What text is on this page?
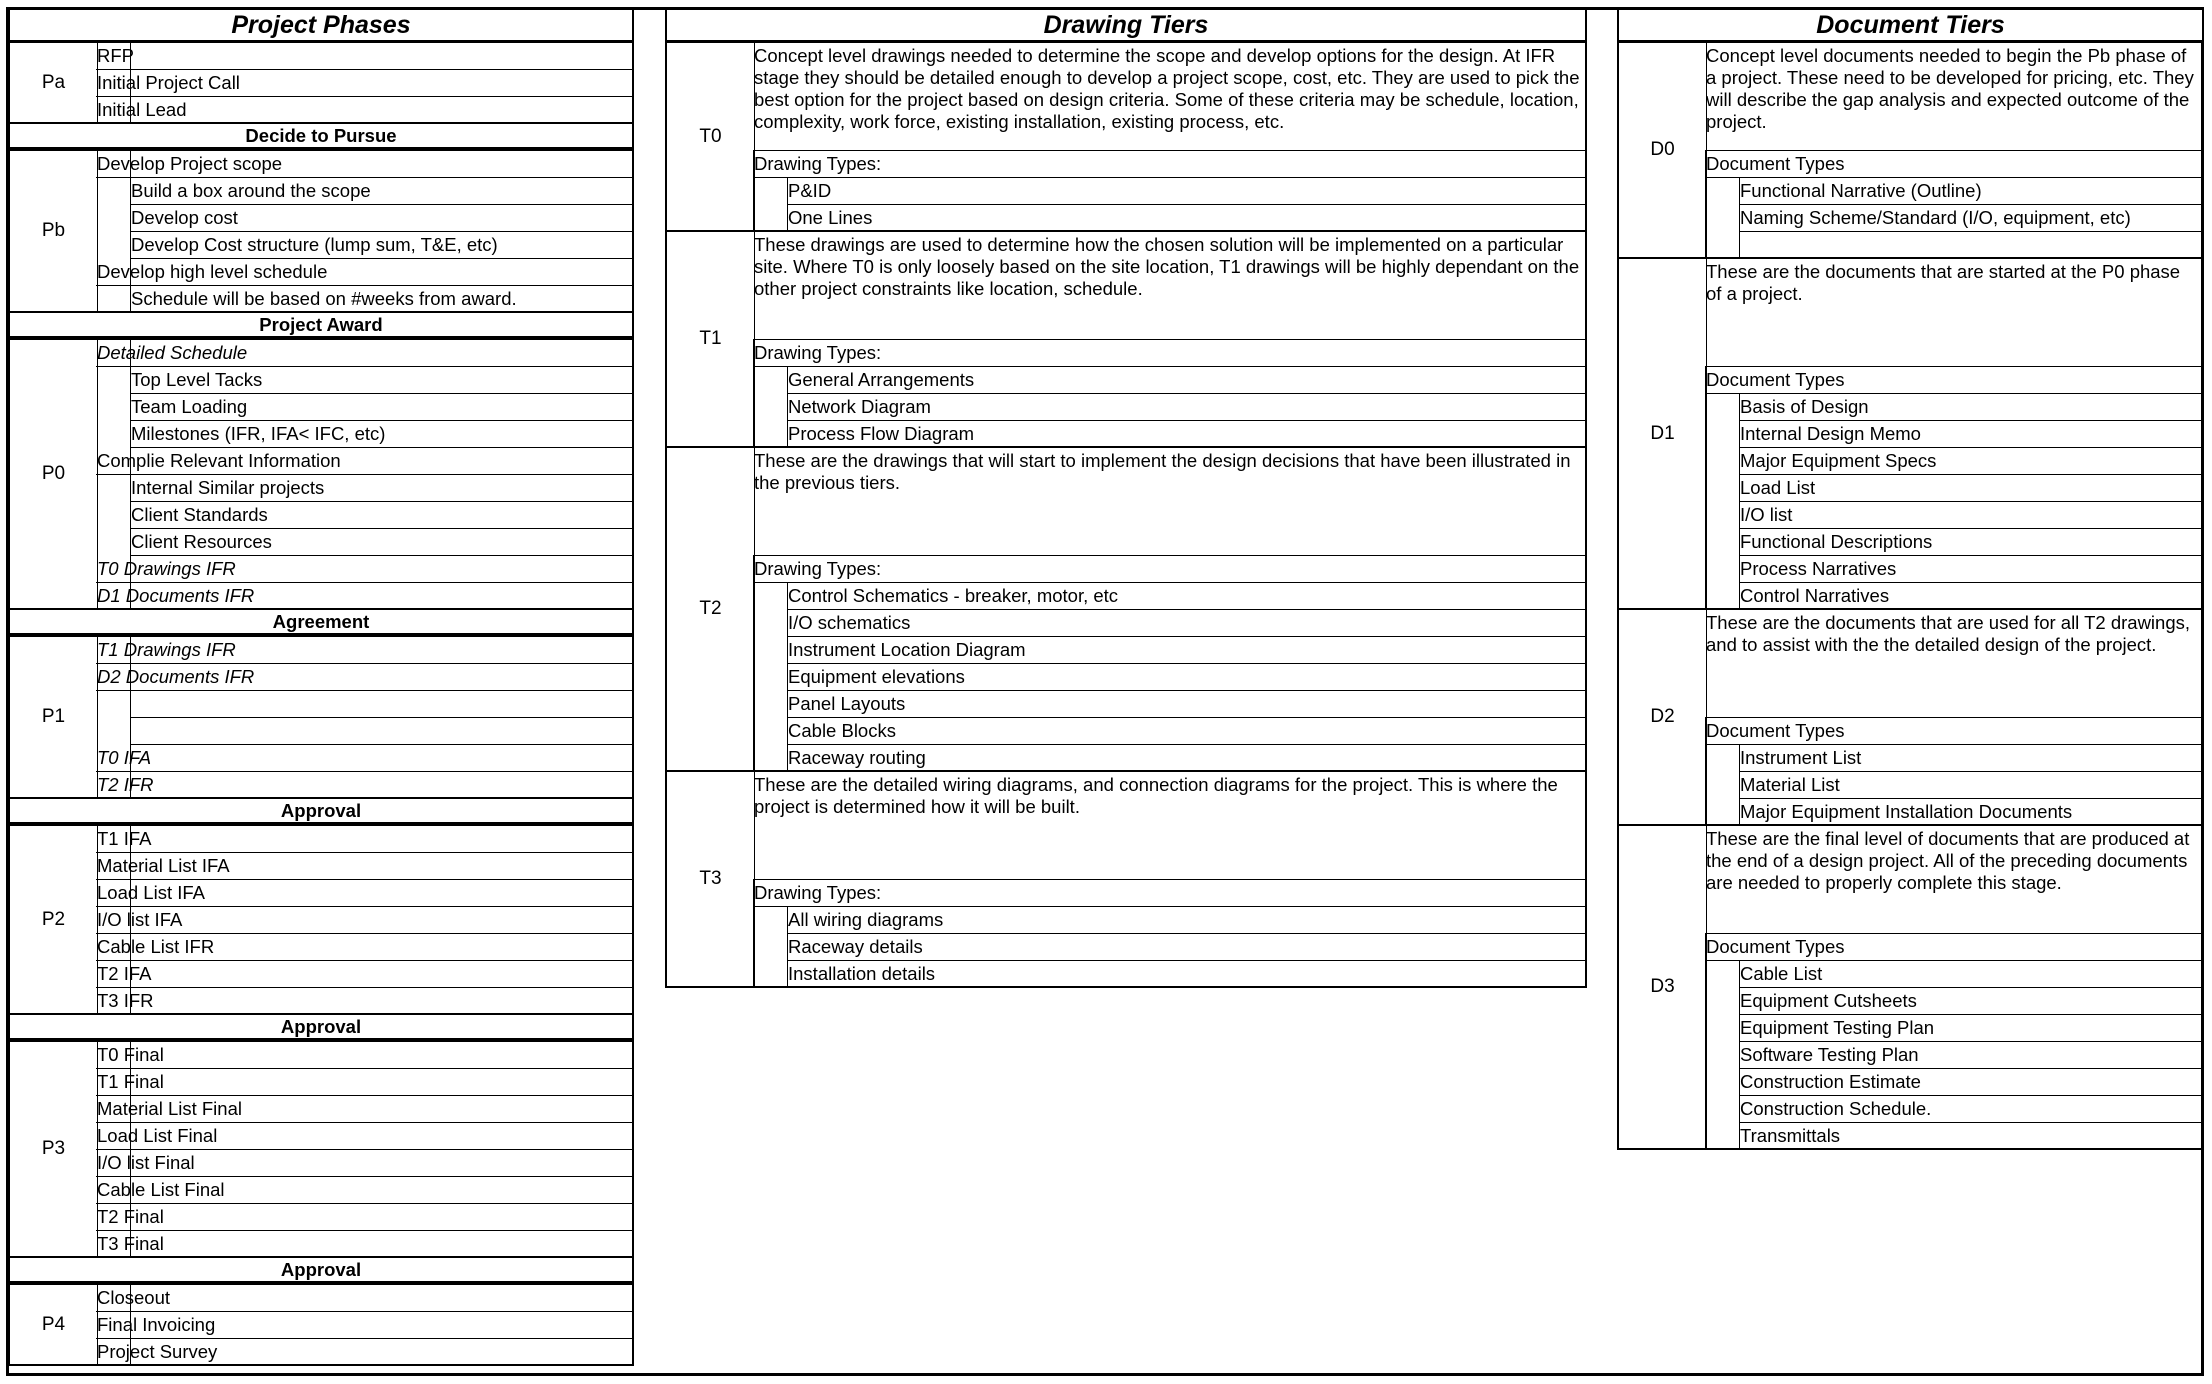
Project Phases
Pa
RFP
Initial Project Call
Initial Lead
Decide to Pursue
Pb
Develop Project scope
Build a box around the scope
Develop cost
Develop Cost structure (lump sum, T&E, etc)
Develop high level schedule
Schedule will be based on #weeks from award.
Project Award
P0
Detailed Schedule
Top Level Tacks
Team Loading
Milestones (IFR, IFA< IFC, etc)
Complie Relevant Information
Internal Similar projects
Client Standards
Client Resources
T0 Drawings IFR
D1 Documents IFR
Agreement
P1
T1 Drawings IFR
D2 Documents IFR
T0 IFA
T2 IFR
Approval
P2
T1 IFA
Material List IFA
Load List IFA
I/O list IFA
Cable List IFR
T2 IFA
T3 IFR
Approval
P3
T0 Final
T1 Final
Material List Final
Load List Final
I/O list Final
Cable List Final
T2 Final
T3 Final
Approval
P4
Closeout
Final Invoicing
Project Survey
Drawing Tiers
T0
Concept level drawings needed to determine the scope and develop options for the design. At IFR stage they should be detailed enough to develop a project scope, cost, etc. They are used to pick the best option for the project based on design criteria. Some of these criteria may be schedule, location, complexity, work force, existing installation, existing process, etc.
Drawing Types:
P&ID
One Lines
T1
These drawings are used to determine how the chosen solution will be implemented on a particular site. Where T0 is only loosely based on the site location, T1 drawings will be highly dependant on the other project constraints like location, schedule.
Drawing Types:
General Arrangements
Network Diagram
Process Flow Diagram
T2
These are the drawings that will start to implement the design decisions that have been illustrated in the previous tiers.
Drawing Types:
Control Schematics - breaker, motor, etc
I/O schematics
Instrument Location Diagram
Equipment elevations
Panel Layouts
Cable Blocks
Raceway routing
T3
These are the detailed wiring diagrams, and connection diagrams for the project. This is where the project is determined how it will be built.
Drawing Types:
All wiring diagrams
Raceway details
Installation details
Document Tiers
D0
Concept level documents needed to begin the Pb phase of a project. These need to be developed for pricing, etc. They will describe the gap analysis and expected outcome of the project.
Document Types
Functional Narrative (Outline)
Naming Scheme/Standard (I/O, equipment, etc)
D1
These are the documents that are started at the P0 phase of a project.
Document Types
Basis of Design
Internal Design Memo
Major Equipment Specs
Load List
I/O list
Functional Descriptions
Process Narratives
Control Narratives
D2
These are the documents that are used for all T2 drawings, and to assist with the the detailed design of the project.
Document Types
Instrument List
Material List
Major Equipment Installation Documents
D3
These are the final level of documents that are produced at the end of a design project. All of the preceding documents are needed to properly complete this stage.
Document Types
Cable List
Equipment Cutsheets
Equipment Testing Plan
Software Testing Plan
Construction Estimate
Construction Schedule.
Transmittals
